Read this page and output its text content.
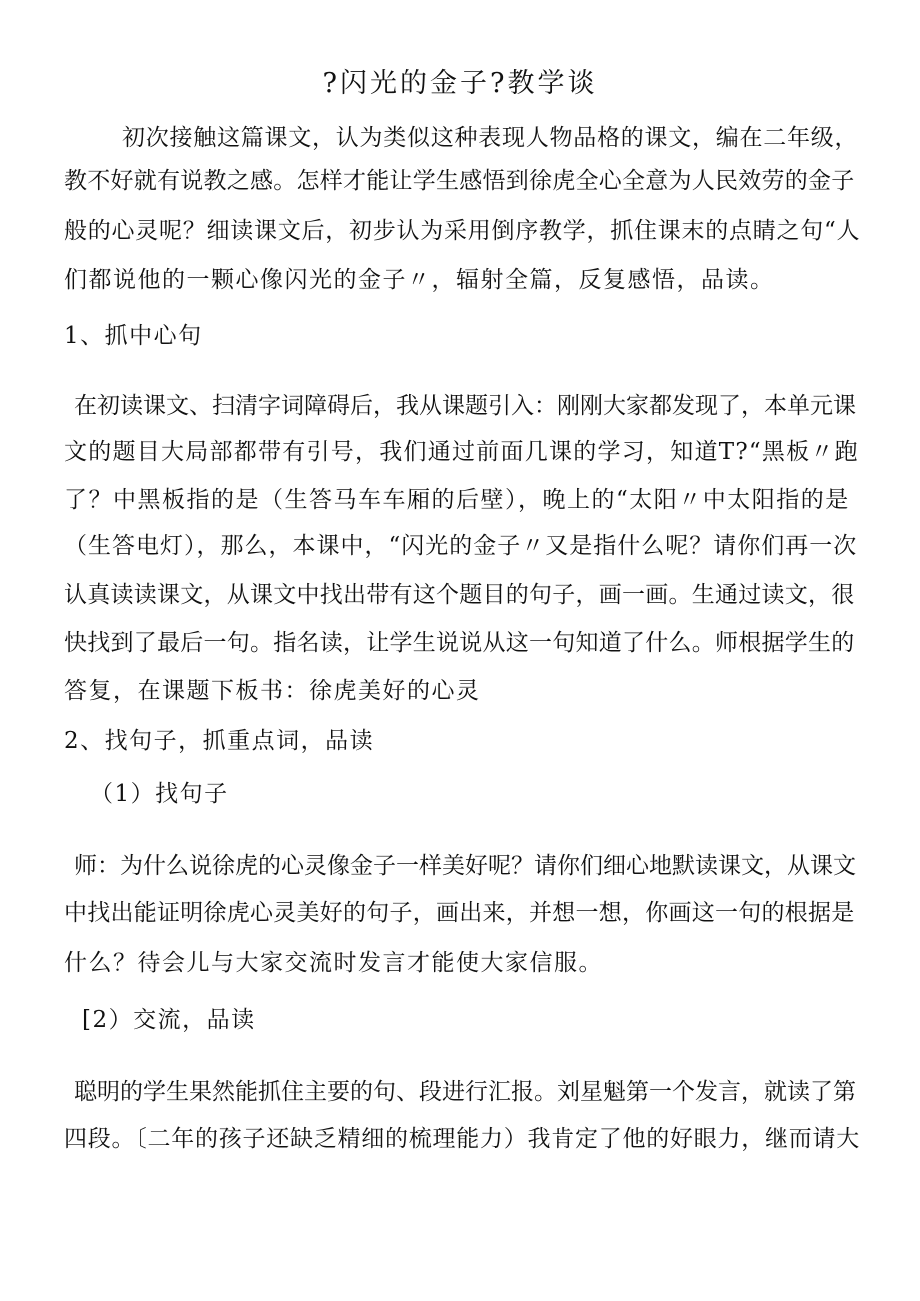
?闪光的金子?教学谈
初次接触这篇课文，认为类似这种表现人物品格的课文，编在二年级，
教不好就有说教之感。怎样才能让学生感悟到徐虎全心全意为人民效劳的金子
般的心灵呢？细读课文后，初步认为采用倒序教学，抓住课末的点睛之句“人
们都说他的一颗心像闪光的金子〃，辐射全篇，反复感悟，品读。
1、抓中心句
在初读课文、扫清字词障碍后，我从课题引入：刚刚大家都发现了，本单元课
文的题目大局部都带有引号，我们通过前面几课的学习，知道T?“黑板〃跑
了？中黑板指的是（生答马车车厢的后壁），晚上的“太阳〃中太阳指的是
（生答电灯），那么，本课中，“闪光的金子〃又是指什么呢？请你们再一次
认真读读课文，从课文中找出带有这个题目的句子，画一画。生通过读文，很
快找到了最后一句。指名读，让学生说说从这一句知道了什么。师根据学生的
答复，在课题下板书：徐虎美好的心灵
2、找句子，抓重点词，品读
（1）找句子
师：为什么说徐虎的心灵像金子一样美好呢？请你们细心地默读课文，从课文
中找出能证明徐虎心灵美好的句子，画出来，并想一想，你画这一句的根据是
什么？待会儿与大家交流时发言才能使大家信服。
[2）交流，品读
聪明的学生果然能抓住主要的句、段进行汇报。刘星魁第一个发言，就读了第
四段。〔二年的孩子还缺乏精细的梳理能力）我肯定了他的好眼力，继而请大
